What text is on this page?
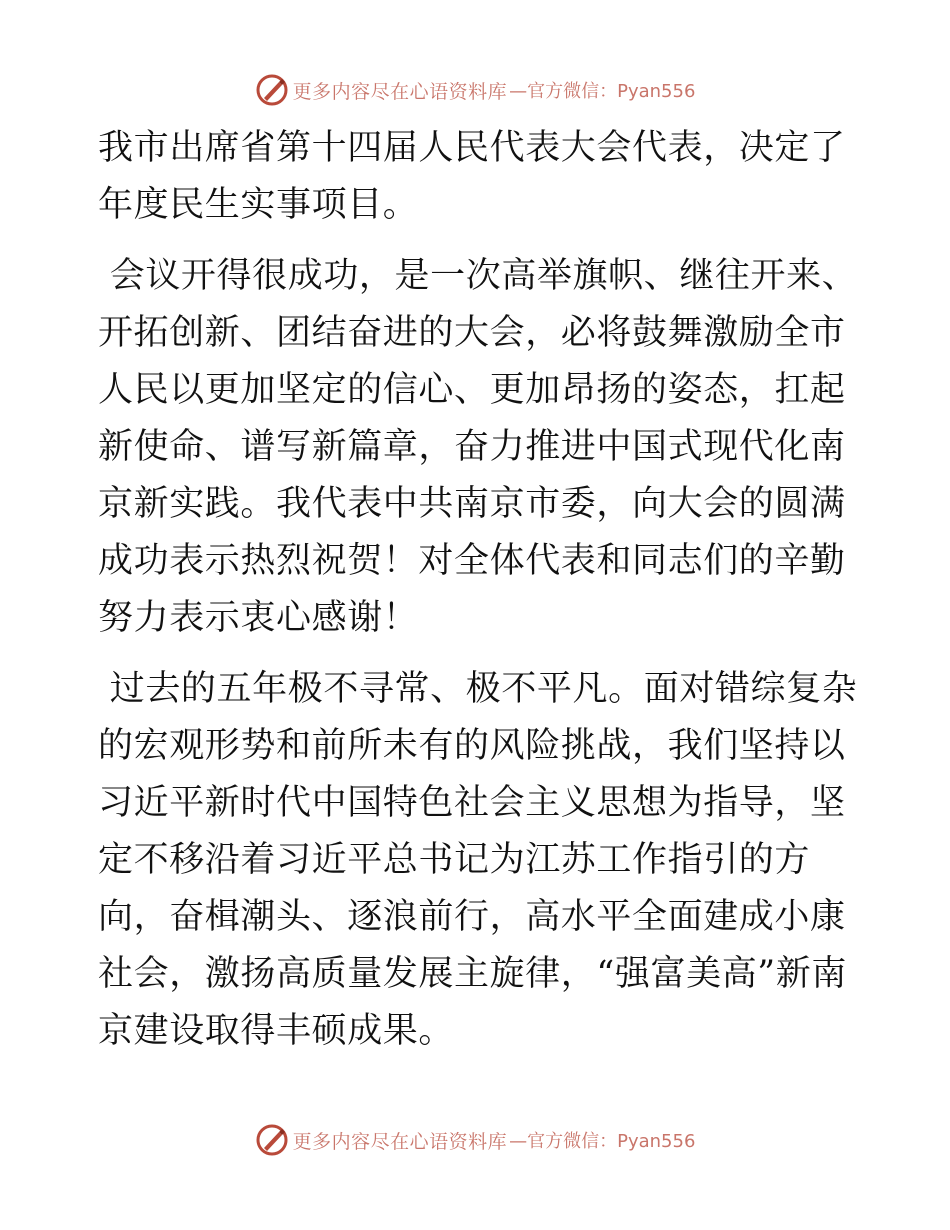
更多内容尽在心语资料库 —官方微信：Pyan556

我市出席省第十四届人民代表大会代表，决定了年度民生实事项目。

会议开得很成功，是一次高举旗帜、继往开来、开拓创新、团结奋进的大会，必将鼓舞激励全市人民以更加坚定的信心、更加昂扬的姿态，扛起新使命、谱写新篇章，奋力推进中国式现代化南京新实践。我代表中共南京市委，向大会的圆满成功表示热烈祝贺！对全体代表和同志们的辛勤努力表示衷心感谢！

过去的五年极不寻常、极不平凡。面对错综复杂的宏观形势和前所未有的风险挑战，我们坚持以习近平新时代中国特色社会主义思想为指导，坚定不移沿着习近平总书记为江苏工作指引的方向，奋楫潮头、逐浪前行，高水平全面建成小康社会，激扬高质量发展主旋律，“强富美高”新南京建设取得丰硕成果。

更多内容尽在心语资料库 —官方微信：Pyan556
